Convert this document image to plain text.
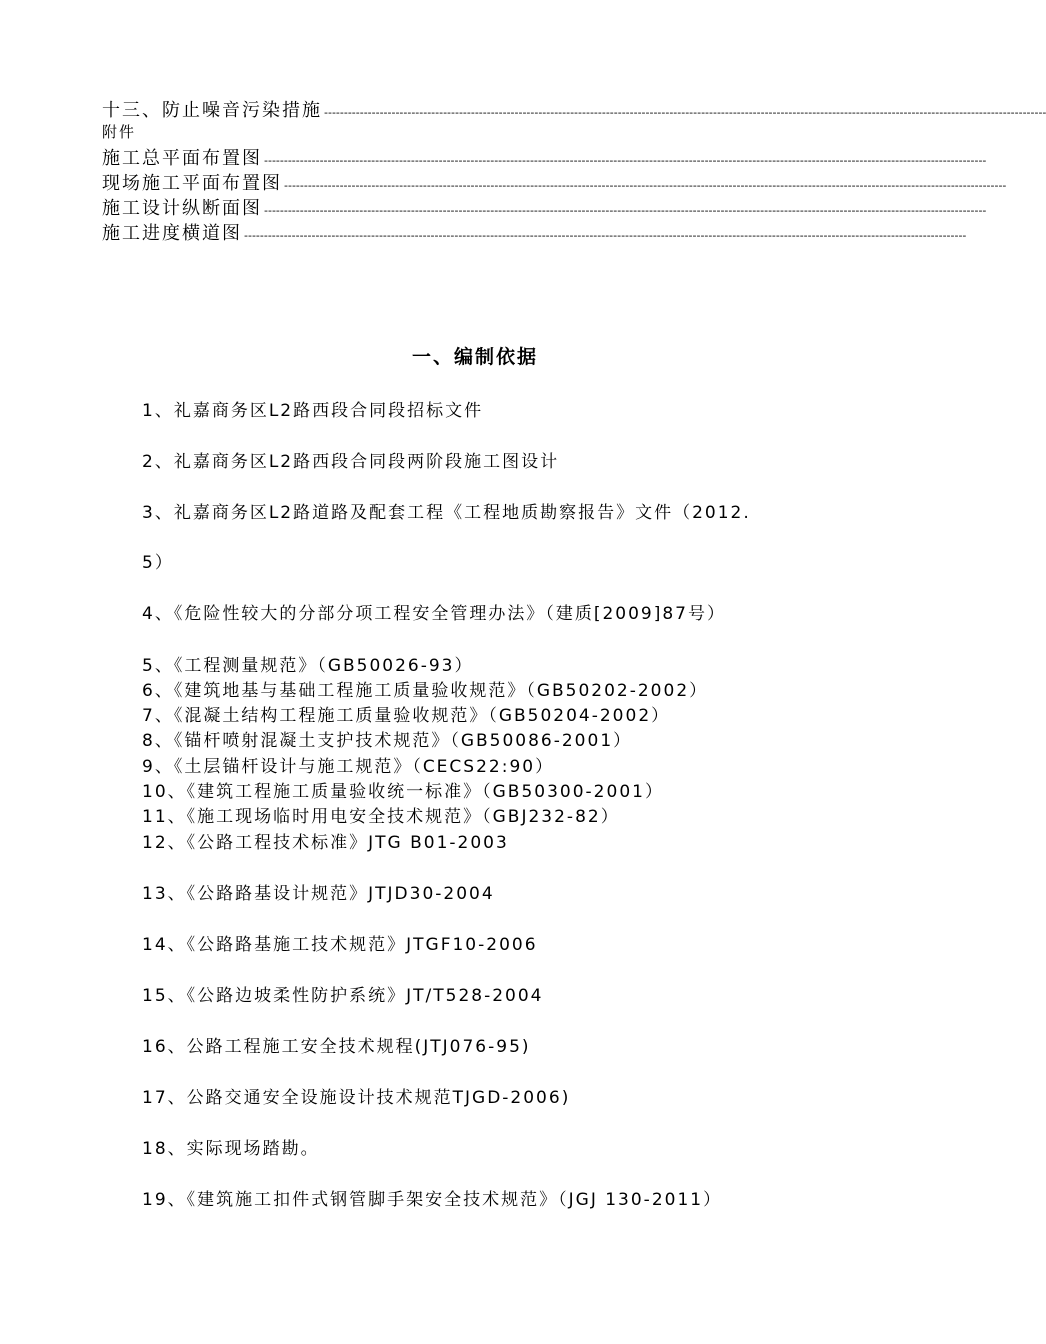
十三、防止噪音污染措施 --------------------------------------------------------------------------------------------------------------------------------------------------------------------------------------
附件
施工总平面布置图 --------------------------------------------------------------------------------------------------------------------------------------------------------------------------------------
现场施工平面布置图 --------------------------------------------------------------------------------------------------------------------------------------------------------------------------------------
施工设计纵断面图 --------------------------------------------------------------------------------------------------------------------------------------------------------------------------------------
施工进度横道图 --------------------------------------------------------------------------------------------------------------------------------------------------------------------------------------
一、编制依据
1、礼嘉商务区L2路西段合同段招标文件
2、礼嘉商务区L2路西段合同段两阶段施工图设计
3、礼嘉商务区L2路道路及配套工程《工程地质勘察报告》文件（2012.
5）
4、《危险性较大的分部分项工程安全管理办法》（建质[2009]87号）
5、《工程测量规范》（GB50026-93）
6、《建筑地基与基础工程施工质量验收规范》（GB50202-2002）
7、《混凝土结构工程施工质量验收规范》（GB50204-2002）
8、《锚杆喷射混凝土支护技术规范》（GB50086-2001）
9、《土层锚杆设计与施工规范》（CECS22:90）
10、《建筑工程施工质量验收统一标准》（GB50300-2001）
11、《施工现场临时用电安全技术规范》（GBJ232-82）
12、《公路工程技术标准》JTG B01-2003
13、《公路路基设计规范》JTJD30-2004
14、《公路路基施工技术规范》JTGF10-2006
15、《公路边坡柔性防护系统》JT/T528-2004
16、公路工程施工安全技术规程(JTJ076-95)
17、公路交通安全设施设计技术规范TJGD-2006)
18、实际现场踏勘。
19、《建筑施工扣件式钢管脚手架安全技术规范》（JGJ 130-2011）
